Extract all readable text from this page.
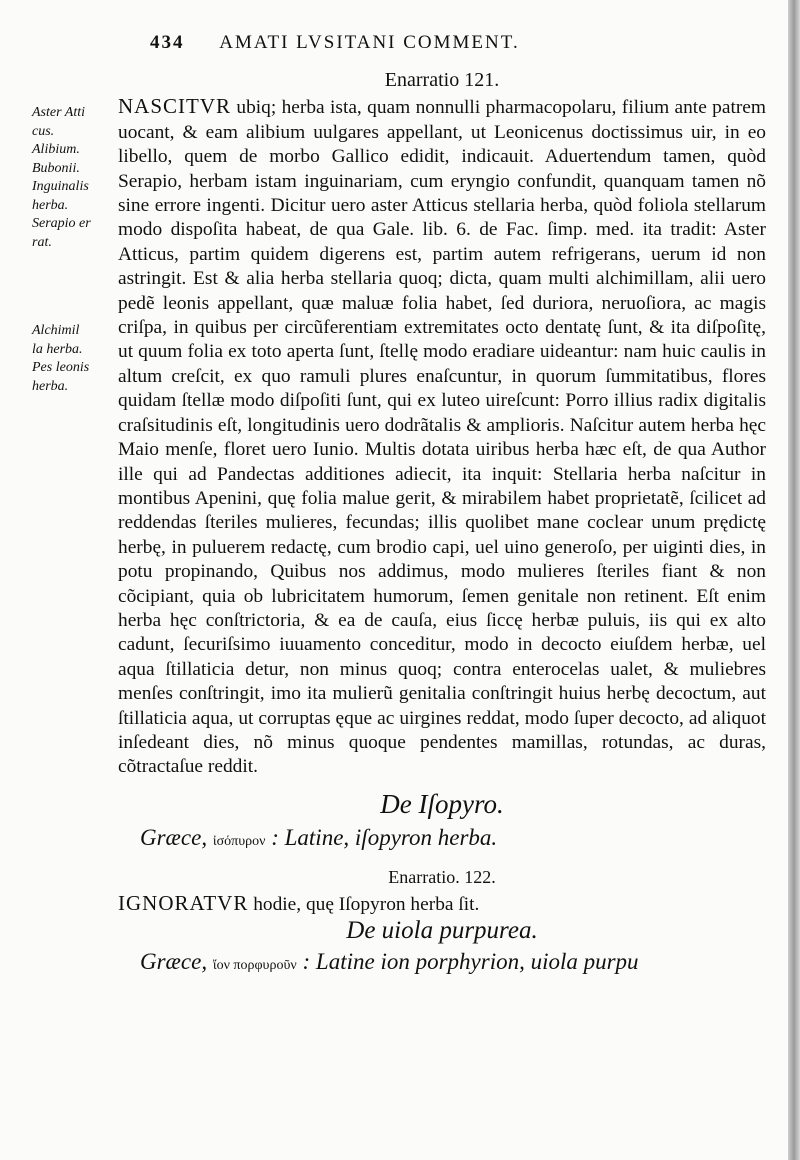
434 AMATI LVSITANI COMMENT.
Aster Atti
cus.
Alibium.
Bubonii.
Inguinalis
herba.
Serapio er
rat.
Alchimil
la herba.
Pes leonis
herba.
Enarratio 121.

NASCITVR ubiq; herba ista, quam nonnulli pharmacopolaru, filium ante patrem uocant, & eam alibium uulgares appellant, ut Leonicenus doctissimus uir, in eo libello, quem de morbo Gallico edidit, indicauit. Aduertendum tamen, quòd Serapio, herbam istam inguinariam, cum eryngio confundit, quanquam tamen nõ sine errore ingenti. Dicitur uero aster Atticus stellaria herba, quòd foliola stellarum modo dispoſita habeat, de qua Gale. lib. 6. de Fac. ſimp. med. ita tradit: Aster Atticus, partim quidem digerens est, partim autem refrigerans, uerum id non astringit. Est & alia herba stellaria quoq; dicta, quam multi alchimillam, alii uero pedẽ leonis appellant, quæ maluæ folia habet, ſed duriora, neruoſiora, ac magis criſpa, in quibus per circũferentiam extremitates octo dentatę ſunt, & ita diſpoſitę, ut quum folia ex toto aperta ſunt, ſtellę modo eradiare uideantur: nam huic caulis in altum creſcit, ex quo ramuli plures enaſcuntur, in quorum ſummitatibus, flores quidam ſtellæ modo diſpoſiti ſunt, qui ex luteo uireſcunt: Porro illius radix digitalis craſsitudinis eſt, longitudinis uero dodrãtalis & amplioris. Naſcitur autem herba hęc Maio menſe, floret uero Iunio. Multis dotata uiribus herba hæc eſt, de qua Author ille qui ad Pandectas additiones adiecit, ita inquit: Stellaria herba naſcitur in montibus Apenini, quę folia malue gerit, & mirabilem habet proprietatẽ, ſcilicet ad reddendas ſteriles mulieres, fecundas; illis quolibet mane coclear unum prędictę herbę, in puluerem redactę, cum brodio capi, uel uino generoſo, per uiginti dies, in potu propinando, Quibus nos addimus, modo mulieres ſteriles fiant & non cõcipiant, quia ob lubricitatem humorum, ſemen genitale non retinent. Eſt enim herba hęc conſtrictoria, & ea de cauſa, eius ſiccę herbæ puluis, iis qui ex alto cadunt, ſecuriſsimo iuuamento conceditur, modo in decocto eiuſdem herbæ, uel aqua ſtillaticia detur, non minus quoq; contra enterocelas ualet, & muliebres menſes conſtringit, imo ita mulierũ genitalia conſtringit huius herbę decoctum, aut ſtillaticia aqua, ut corruptas ęque ac uirgines reddat, modo ſuper decocto, ad aliquot inſedeant dies, nõ minus quoque pendentes mamillas, rotundas, ac duras, cõtractaſue reddit.

De Iſopyro.
Græce, ἰσόπυρον : Latine, iſopyron herba.
Enarratio. 122.

IGNORATVR hodie, quę Iſopyron herba ſit.

De uiola purpurea.
Græce, ἴον πορφυροῦν : Latine ion porphyrion, uiola purpu
